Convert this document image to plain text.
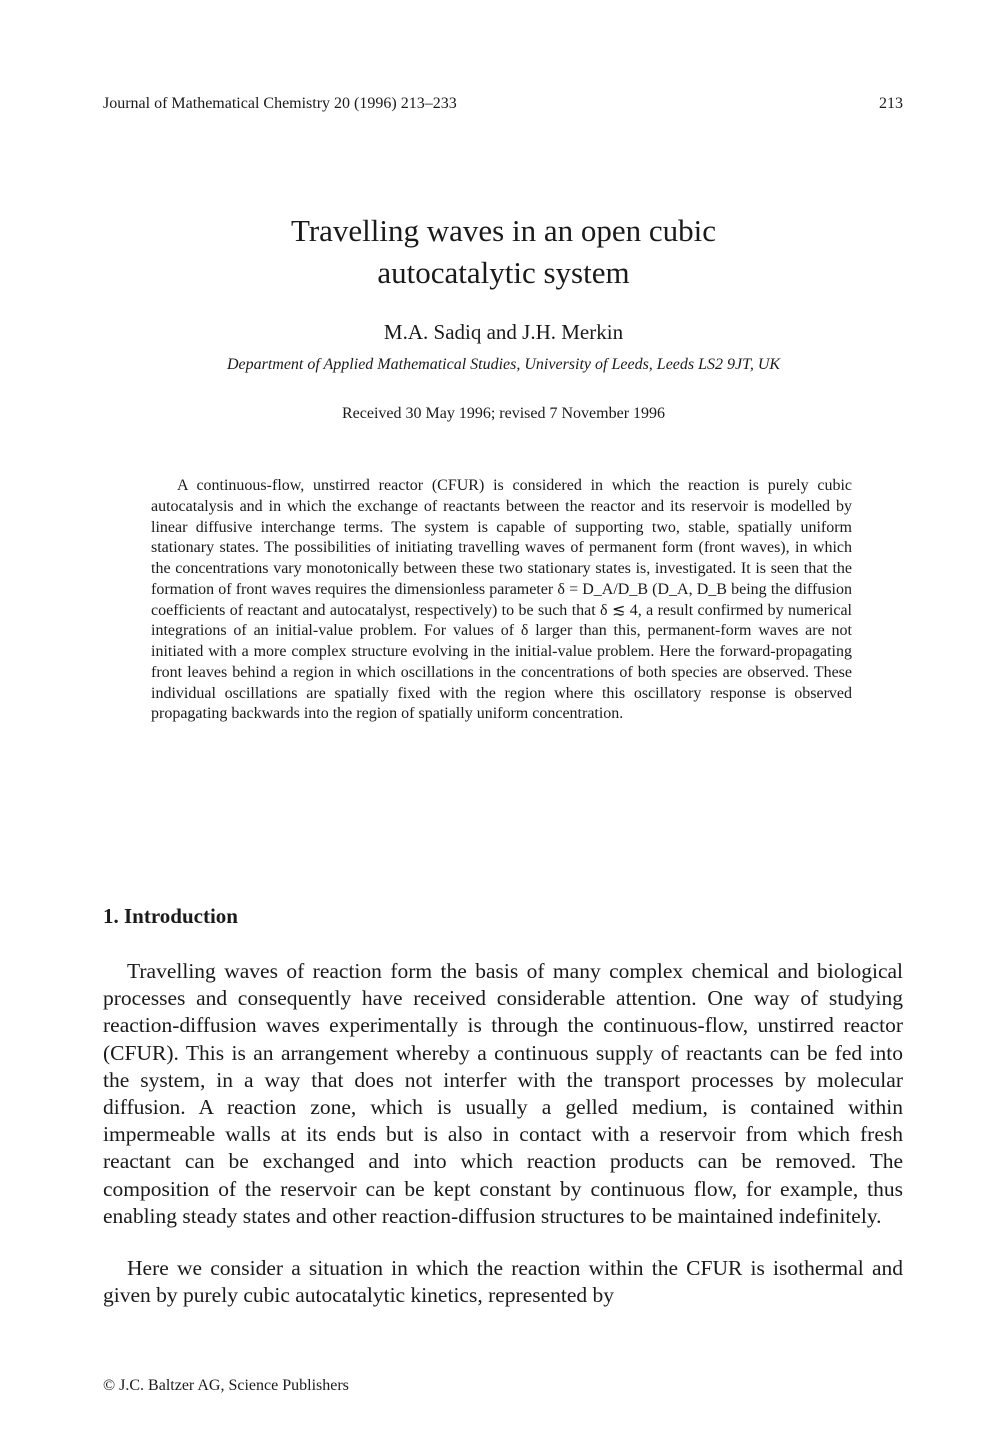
Journal of Mathematical Chemistry 20 (1996) 213–233	213
Travelling waves in an open cubic
autocatalytic system
M.A. Sadiq and J.H. Merkin
Department of Applied Mathematical Studies, University of Leeds, Leeds LS2 9JT, UK
Received 30 May 1996; revised 7 November 1996

A continuous-flow, unstirred reactor (CFUR) is considered in which the reaction is purely cubic autocatalysis and in which the exchange of reactants between the reactor and its reservoir is modelled by linear diffusive interchange terms. The system is capable of supporting two, stable, spatially uniform stationary states. The possibilities of initiating travelling waves of permanent form (front waves), in which the concentrations vary monotonically between these two stationary states is, investigated. It is seen that the formation of front waves requires the dimensionless parameter δ = D_A/D_B (D_A, D_B being the diffusion coefficients of reactant and autocatalyst, respectively) to be such that δ ≲ 4, a result confirmed by numerical integrations of an initial-value problem. For values of δ larger than this, permanent-form waves are not initiated with a more complex structure evolving in the initial-value problem. Here the forward-propagating front leaves behind a region in which oscillations in the concentrations of both species are observed. These individual oscillations are spatially fixed with the region where this oscillatory response is observed propagating backwards into the region of spatially uniform concentration.

1. Introduction

Travelling waves of reaction form the basis of many complex chemical and biological processes and consequently have received considerable attention. One way of studying reaction-diffusion waves experimentally is through the continuous-flow, unstirred reactor (CFUR). This is an arrangement whereby a continuous supply of reactants can be fed into the system, in a way that does not interfer with the transport processes by molecular diffusion. A reaction zone, which is usually a gelled medium, is contained within impermeable walls at its ends but is also in contact with a reservoir from which fresh reactant can be exchanged and into which reaction products can be removed. The composition of the reservoir can be kept constant by continuous flow, for example, thus enabling steady states and other reaction-diffusion structures to be maintained indefinitely.

Here we consider a situation in which the reaction within the CFUR is isothermal and given by purely cubic autocatalytic kinetics, represented by

© J.C. Baltzer AG, Science Publishers
